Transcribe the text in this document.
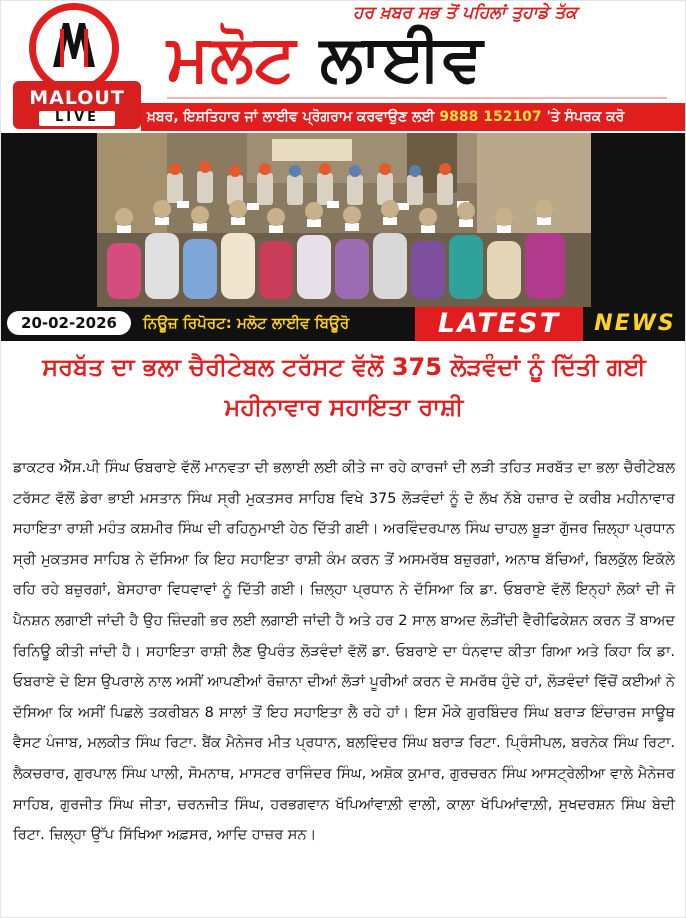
MALOUT
LIVE
ਹਰ ਖ਼ਬਰ ਸਭ ਤੋਂ ਪਹਿਲਾਂ ਤੁਹਾਡੇ ਤੱਕ
ਮਲੋਟ ਲਾਈਵ
ਖ਼ਬਰ, ਇਸ਼ਤਿਹਾਰ ਜਾਂ ਲਾਈਵ ਪ੍ਰੋਗਰਾਮ ਕਰਵਾਉਣ ਲਈ 9888 152107 'ਤੇ ਸੰਪਰਕ ਕਰੋ
20-02-2026	ਨਿਊਜ਼ ਰਿਪੋਰਟ: ਮਲੋਟ ਲਾਈਵ ਬਿਊਰੋ	LATEST	NEWS
ਸਰਬੱਤ ਦਾ ਭਲਾ ਚੈਰੀਟੇਬਲ ਟਰੱਸਟ ਵੱਲੋਂ 375 ਲੋੜਵੰਦਾਂ ਨੂੰ ਦਿੱਤੀ ਗਈ ਮਹੀਨਾਵਾਰ ਸਹਾਇਤਾ ਰਾਸ਼ੀ
ਡਾਕਟਰ ਐੱਸ.ਪੀ ਸਿੰਘ ਓਬਰਾਏ ਵੱਲੋਂ ਮਾਨਵਤਾ ਦੀ ਭਲਾਈ ਲਈ ਕੀਤੇ ਜਾ ਰਹੇ ਕਾਰਜਾਂ ਦੀ ਲੜੀ ਤਹਿਤ ਸਰਬੱਤ ਦਾ ਭਲਾ ਚੈਰੀਟੇਬਲ ਟਰੱਸਟ ਵੱਲੋਂ ਡੇਰਾ ਭਾਈ ਮਸਤਾਨ ਸਿੰਘ ਸ੍ਰੀ ਮੁਕਤਸਰ ਸਾਹਿਬ ਵਿਖੇ 375 ਲੋੜਵੰਦਾਂ ਨੂੰ ਦੋ ਲੱਖ ਨੱਬੇ ਹਜ਼ਾਰ ਦੇ ਕਰੀਬ ਮਹੀਨਾਵਾਰ ਸਹਾਇਤਾ ਰਾਸ਼ੀ ਮਹੰਤ ਕਸ਼ਮੀਰ ਸਿੰਘ ਦੀ ਰਹਿਨੁਮਾਈ ਹੇਠ ਦਿੱਤੀ ਗਈ। ਅਰਵਿੰਦਰਪਾਲ ਸਿੰਘ ਚਾਹਲ ਬੂੜਾ ਗੁੱਜਰ ਜ਼ਿਲ੍ਹਾ ਪ੍ਰਧਾਨ ਸ੍ਰੀ ਮੁਕਤਸਰ ਸਾਹਿਬ ਨੇ ਦੱਸਿਆ ਕਿ ਇਹ ਸਹਾਇਤਾ ਰਾਸ਼ੀ ਕੰਮ ਕਰਨ ਤੋਂ ਅਸਮਰੱਥ ਬਜ਼ੁਰਗਾਂ, ਅਨਾਥ ਬੱਚਿਆਂ, ਬਿਲਕੁੱਲ ਇਕੱਲੇ ਰਹਿ ਰਹੇ ਬਜ਼ੁਰਗਾਂ, ਬੇਸਹਾਰਾ ਵਿਧਵਾਵਾਂ ਨੂੰ ਦਿੱਤੀ ਗਈ। ਜ਼ਿਲ੍ਹਾ ਪ੍ਰਧਾਨ ਨੇ ਦੱਸਿਆ ਕਿ ਡਾ. ਓਬਰਾਏ ਵੱਲੋਂ ਇਨ੍ਹਾਂ ਲੋਕਾਂ ਦੀ ਜੋ ਪੈਨਸ਼ਨ ਲਗਾਈ ਜਾਂਦੀ ਹੈ ਉਹ ਜ਼ਿੰਦਗੀ ਭਰ ਲਈ ਲਗਾਈ ਜਾਂਦੀ ਹੈ ਅਤੇ ਹਰ 2 ਸਾਲ ਬਾਅਦ ਲੋੜੀਂਦੀ ਵੈਰੀਫਿਕੇਸ਼ਨ ਕਰਨ ਤੋਂ ਬਾਅਦ ਰਿਨਿਊ ਕੀਤੀ ਜਾਂਦੀ ਹੈ। ਸਹਾਇਤਾ ਰਾਸ਼ੀ ਲੈਣ ਉਪਰੰਤ ਲੋੜਵੰਦਾਂ ਵੱਲੋਂ ਡਾ. ਓਬਰਾਏ ਦਾ ਧੰਨਵਾਦ ਕੀਤਾ ਗਿਆ ਅਤੇ ਕਿਹਾ ਕਿ ਡਾ. ਓਬਰਾਏ ਦੇ ਇਸ ਉਪਰਾਲੇ ਨਾਲ ਅਸੀਂ ਆਪਣੀਆਂ ਰੋਜ਼ਾਨਾ ਦੀਆਂ ਲੋੜਾਂ ਪੂਰੀਆਂ ਕਰਨ ਦੇ ਸਮਰੱਥ ਹੁੰਦੇ ਹਾਂ, ਲੋੜਵੰਦਾਂ ਵਿੱਚੋਂ ਕਈਆਂ ਨੇ ਦੱਸਿਆ ਕਿ ਅਸੀਂ ਪਿਛਲੇ ਤਕਰੀਬਨ 8 ਸਾਲਾਂ ਤੋਂ ਇਹ ਸਹਾਇਤਾ ਲੈ ਰਹੇ ਹਾਂ। ਇਸ ਮੌਕੇ ਗੁਰਬਿੰਦਰ ਸਿੰਘ ਬਰਾੜ ਇੰਚਾਰਜ ਸਾਊਥ ਵੈਸਟ ਪੰਜਾਬ, ਮਲਕੀਤ ਸਿੰਘ ਰਿਟਾ. ਬੈਂਕ ਮੈਨੇਜਰ ਮੀਤ ਪ੍ਰਧਾਨ, ਬਲਵਿੰਦਰ ਸਿੰਘ ਬਰਾੜ ਰਿਟਾ. ਪ੍ਰਿੰਸੀਪਲ, ਬਰਨੇਕ ਸਿੰਘ ਰਿਟਾ. ਲੈਕਚਰਾਰ, ਗੁਰਪਾਲ ਸਿੰਘ ਪਾਲੀ, ਸੋਮਨਾਥ, ਮਾਸਟਰ ਰਾਜਿੰਦਰ ਸਿੰਘ, ਅਸ਼ੋਕ ਕੁਮਾਰ, ਗੁਰਚਰਨ ਸਿੰਘ ਆਸਟ੍ਰੇਲੀਆ ਵਾਲੇ ਮੈਨੇਜਰ ਸਾਹਿਬ, ਗੁਰਜੀਤ ਸਿੰਘ ਜੀਤਾ, ਚਰਨਜੀਤ ਸਿੰਘ, ਹਰਭਗਵਾਨ ਖੱਪਿਆਂਵਾਲ਼ੀ ਵਾਲੀ, ਕਾਲਾ ਖੱਪਿਆਂਵਾਲ਼ੀ, ਸੁਖਦਰਸ਼ਨ ਸਿੰਘ ਬੇਦੀ ਰਿਟਾ. ਜ਼ਿਲ੍ਹਾ ਉੱਪ ਸਿੱਖਿਆ ਅਫ਼ਸਰ, ਆਦਿ ਹਾਜ਼ਰ ਸਨ।
